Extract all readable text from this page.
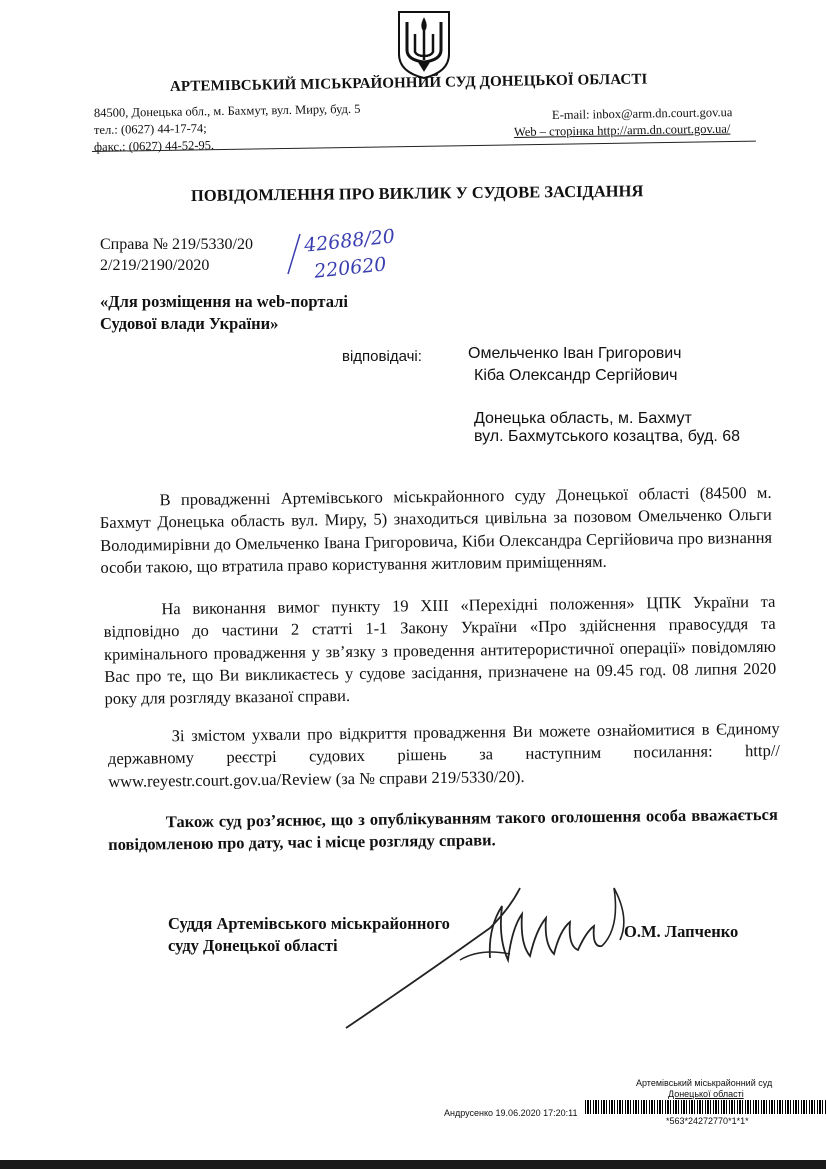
АРТЕМІВСЬКИЙ МІСЬКРАЙОННИЙ СУД ДОНЕЦЬКОЇ ОБЛАСТІ
84500, Донецька обл., м. Бахмут, вул. Миру, буд. 5
тел.: (0627) 44-17-74;
факс.: (0627) 44-52-95.
E-mail: inbox@arm.dn.court.gov.ua
Web – сторінка http://arm.dn.court.gov.ua/
ПОВІДОМЛЕННЯ ПРО ВИКЛИК У СУДОВЕ ЗАСІДАННЯ
Справа № 219/5330/20
2/219/2190/2020
42688/20
220620
«Для розміщення на web-порталі
Судової влади України»
відповідачі:	Омельченко Іван Григорович
Кіба Олександр Сергійович
Донецька область, м. Бахмут
вул. Бахмутського козацтва, буд. 68
В провадженні Артемівського міськрайонного суду Донецької області (84500 м. Бахмут Донецька область вул. Миру, 5) знаходиться цивільна за позовом Омельченко Ольги Володимирівни до Омельченко Івана Григоровича, Кіби Олександра Сергійовича про визнання особи такою, що втратила право користування житловим приміщенням.
На виконання вимог пункту 19 ХІІІ «Перехідні положення» ЦПК України та відповідно до частини 2 статті 1-1 Закону України «Про здійснення правосуддя та кримінального провадження у зв’язку з проведення антитерористичної операції» повідомляю Вас про те, що Ви викликаєтесь у судове засідання, призначене на 09.45 год. 08 липня 2020 року для розгляду вказаної справи.
Зі змістом ухвали про відкриття провадження Ви можете ознайомитися в Єдиному державному реєстрі судових рішень за наступним посилання: http// www.reyestr.court.gov.ua/Review (за № справи 219/5330/20).
Також суд роз’яснює, що з опублікуванням такого оголошення особа вважається повідомленою про дату, час і місце розгляду справи.
Суддя Артемівського міськрайонного
суду Донецької області
О.М. Лапченко
Артемівський міськрайонний суд
Донецької області
Андрусенко 19.06.2020 17:20:11
*563*24272770*1*1*
